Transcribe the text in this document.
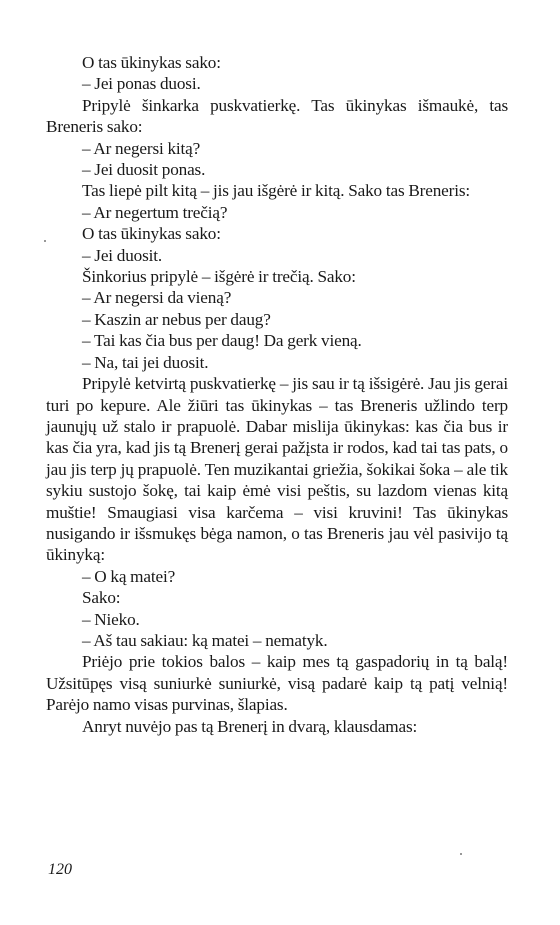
O tas ūkinykas sako:

– Jei ponas duosi.

Pripylė šinkarka puskvatierkę. Tas ūkinykas išmaukė, tas Breneris sako:

– Ar negersi kitą?

– Jei duosit ponas.

Tas liepė pilt kitą – jis jau išgėrė ir kitą. Sako tas Breneris:

– Ar negertum trečią?

O tas ūkinykas sako:

– Jei duosit.

Šinkorius pripylė – išgėrė ir trečią. Sako:

– Ar negersi da vieną?

– Kaszin ar nebus per daug?

– Tai kas čia bus per daug! Da gerk vieną.

– Na, tai jei duosit.

Pripylė ketvirtą puskvatierkę – jis sau ir tą išsigėrė. Jau jis gerai turi po kepure. Ale žiūri tas ūkinykas – tas Breneris užlindo terp jaunųjų už stalo ir prapuolė. Dabar mislija ūkinykas: kas čia bus ir kas čia yra, kad jis tą Brenerį gerai pažįsta ir rodos, kad tai tas pats, o jau jis terp jų prapuolė. Ten muzikantai griežia, šokikai šoka – ale tik sykiu sustojo šokę, tai kaip ėmė visi peštis, su lazdom vienas kitą muštie! Smaugiasi visa karčema – visi kruvini! Tas ūkinykas nusigando ir išsmukęs bėga namon, o tas Breneris jau vėl pasivijo tą ūkinyką:

– O ką matei?

Sako:

– Nieko.

– Aš tau sakiau: ką matei – nematyk.

Priėjo prie tokios balos – kaip mes tą gaspadorių in tą balą! Užsitūpęs visą suniurkė suniurkė, visą padarė kaip tą patį velnią! Parėjo namo visas purvinas, šlapias.

Anryt nuvėjo pas tą Brenerį in dvarą, klausdamas:

120
